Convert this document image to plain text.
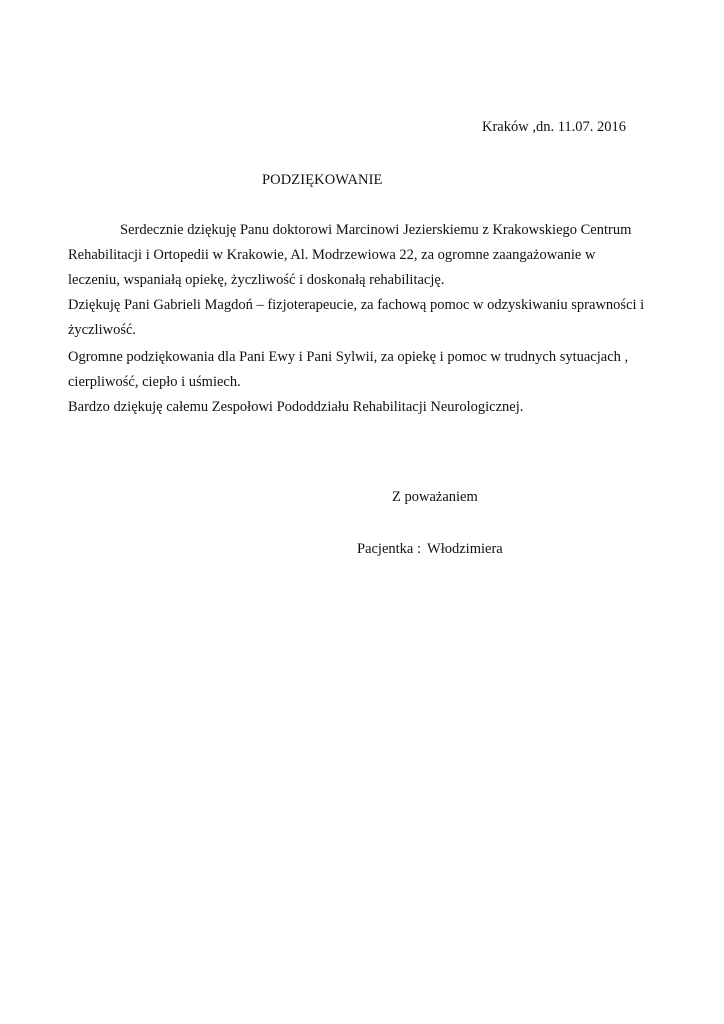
Kraków ,dn. 11.07. 2016
PODZIĘKOWANIE
Serdecznie dziękuję Panu doktorowi Marcinowi Jezierskiemu z Krakowskiego Centrum
Rehabilitacji i Ortopedii w Krakowie, Al. Modrzewiowa 22, za ogromne zaangażowanie w
leczeniu, wspaniałą opiekę, życzliwość i doskonałą rehabilitację.
Dziękuję Pani Gabrieli Magdoń – fizjoterapeucie, za fachową pomoc w odzyskiwaniu sprawności i
życzliwość.
Ogromne podziękowania dla Pani Ewy i Pani Sylwii, za opiekę i pomoc w trudnych sytuacjach ,
cierpliwość, ciepło i uśmiech.
Bardzo dziękuję całemu Zespołowi Pododdziału Rehabilitacji Neurologicznej.
Z poważaniem
Pacjentka : Włodzimiera
